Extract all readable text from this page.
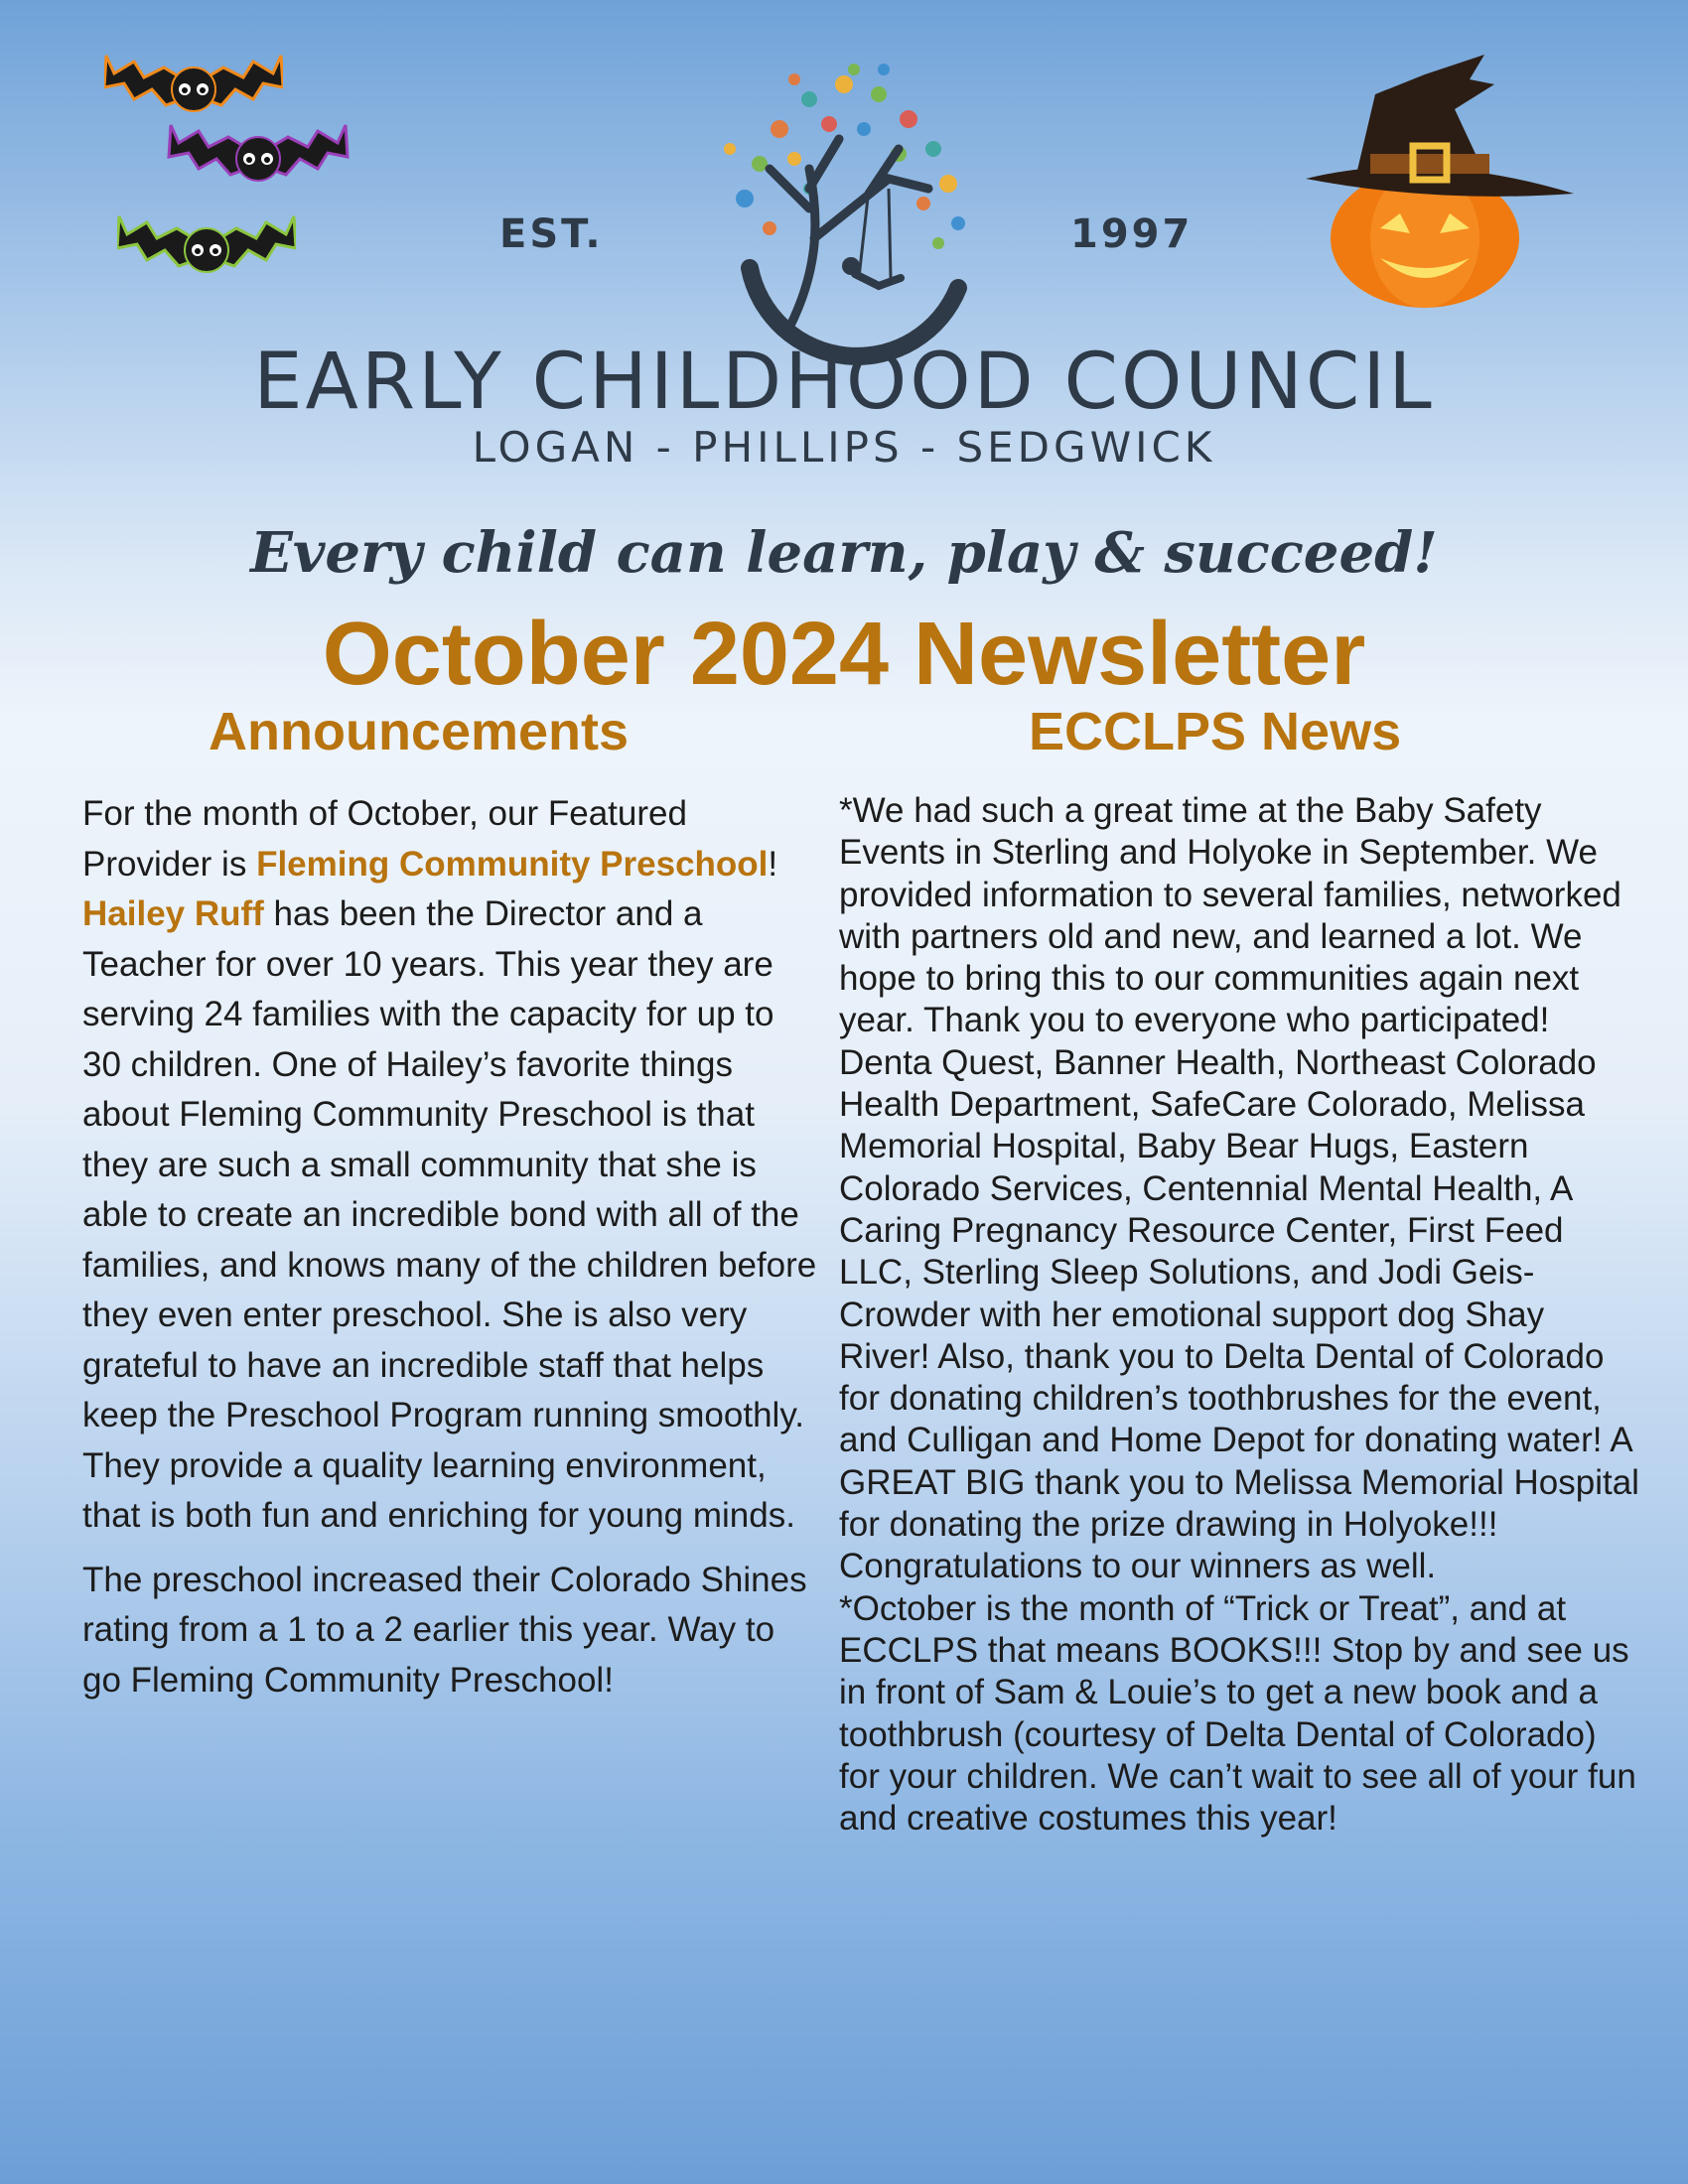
EST.	1997
EARLY CHILDHOOD COUNCIL
LOGAN - PHILLIPS - SEDGWICK
Every child can learn, play & succeed!
October 2024 Newsletter
Announcements	ECCLPS News

For the month of October, our Featured Provider is Fleming Community Preschool! Hailey Ruff has been the Director and a Teacher for over 10 years. This year they are serving 24 families with the capacity for up to 30 children. One of Hailey’s favorite things about Fleming Community Preschool is that they are such a small community that she is able to create an incredible bond with all of the families, and knows many of the children before they even enter preschool. She is also very grateful to have an incredible staff that helps keep the Preschool Program running smoothly. They provide a quality learning environment, that is both fun and enriching for young minds.

The preschool increased their Colorado Shines rating from a 1 to a 2 earlier this year. Way to go Fleming Community Preschool!

*We had such a great time at the Baby Safety Events in Sterling and Holyoke in September. We provided information to several families, networked with partners old and new, and learned a lot. We hope to bring this to our communities again next year. Thank you to everyone who participated! Denta Quest, Banner Health, Northeast Colorado Health Department, SafeCare Colorado, Melissa Memorial Hospital, Baby Bear Hugs, Eastern Colorado Services, Centennial Mental Health, A Caring Pregnancy Resource Center, First Feed LLC, Sterling Sleep Solutions, and Jodi Geis-Crowder with her emotional support dog Shay River! Also, thank you to Delta Dental of Colorado for donating children’s toothbrushes for the event, and Culligan and Home Depot for donating water! A GREAT BIG thank you to Melissa Memorial Hospital for donating the prize drawing in Holyoke!!! Congratulations to our winners as well.

*October is the month of “Trick or Treat”, and at ECCLPS that means BOOKS!!! Stop by and see us in front of Sam & Louie’s to get a new book and a toothbrush (courtesy of Delta Dental of Colorado) for your children. We can’t wait to see all of your fun and creative costumes this year!
